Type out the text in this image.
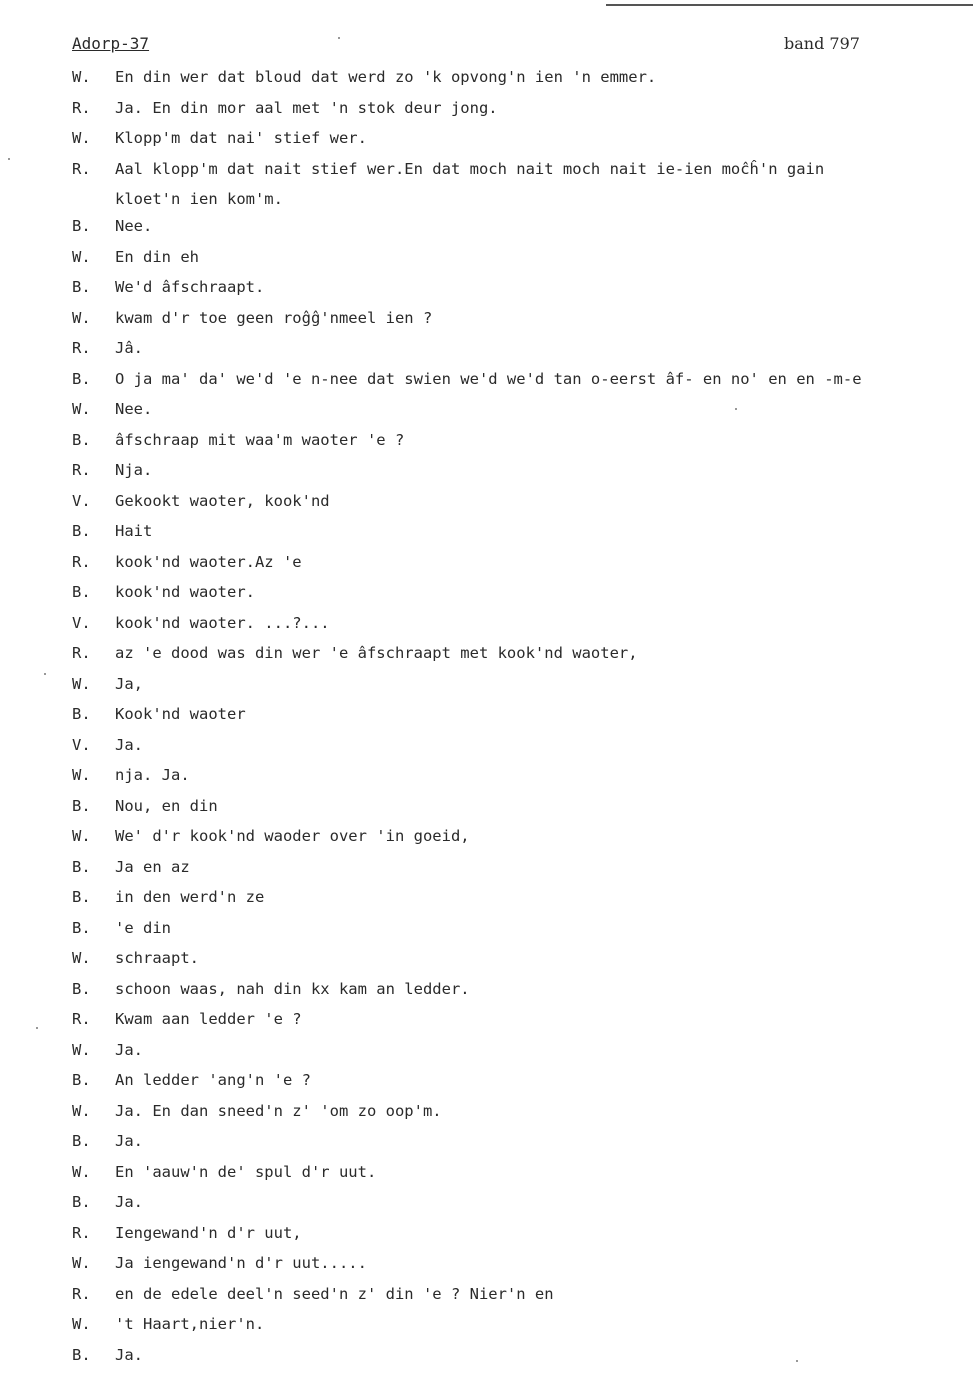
Adorp-37	band 797
W. En din wer dat bloud dat werd zo 'k opvong'n ien 'n emmer.
R. Ja. En din mor aal met 'n stok deur jong.
W. Klopp'm dat nai' stief wer.
R. Aal klopp'm dat nait stief wer.En dat moch nait moch nait ie-ien moĉĥ'n gain
kloet'n ien kom'm.
B. Nee.
W. En din eh
B. We'd âfschraapt.
W. kwam d'r toe geen roĝĝ'nmeel ien ?
R. Jâ.
B. O ja ma' da' we'd 'e n-nee dat swien we'd we'd tan o-eerst âf- en no' en en -m-e
W. Nee.
B. âfschraap mit waa'm waoter 'e ?
R. Nja.
V. Gekookt waoter, kook'nd
B. Hait
R. kook'nd waoter.Az 'e
B. kook'nd waoter.
V. kook'nd waoter. ...?...
R. az 'e dood was din wer 'e âfschraapt met kook'nd waoter,
W. Ja,
B. Kook'nd waoter
V. Ja.
W. nja. Ja.
B. Nou, en din
W. We' d'r kook'nd waoder over 'in goeid,
B. Ja en az
B. in den werd'n ze
B. 'e din
W. schraapt.
B. schoon waas, nah din kx kam an ledder.
R. Kwam aan ledder 'e ?
W. Ja.
B. An ledder 'ang'n 'e ?
W. Ja. En dan sneed'n z' 'om zo oop'm.
B. Ja.
W. En 'aauw'n de' spul d'r uut.
B. Ja.
R. Iengewand'n d'r uut,
W. Ja iengewand'n d'r uut.....
R. en de edele deel'n seed'n z' din 'e ? Nier'n en
W. 't Haart,nier'n.
B. Ja.
